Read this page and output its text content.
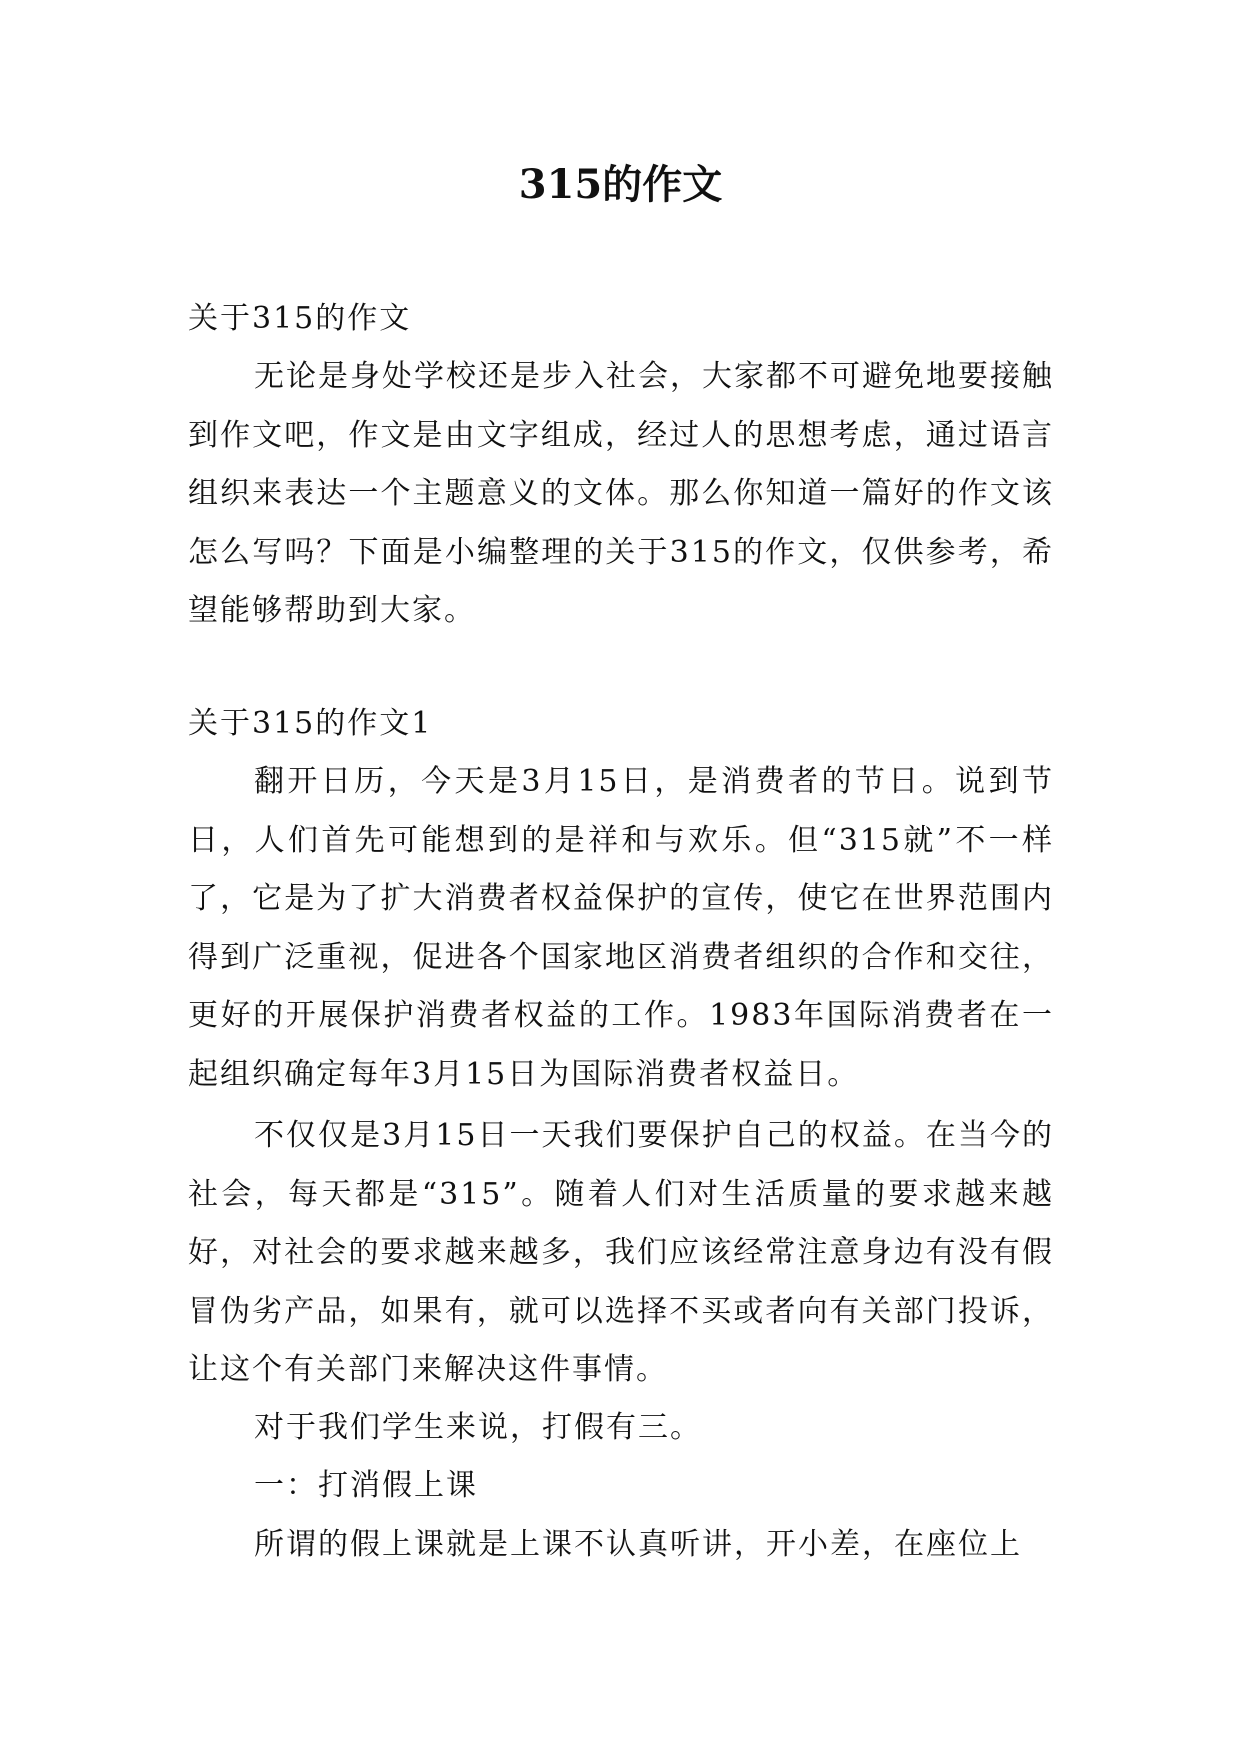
315的作文

关于315的作文

无论是身处学校还是步入社会，大家都不可避免地要接触到作文吧，作文是由文字组成，经过人的思想考虑，通过语言组织来表达一个主题意义的文体。那么你知道一篇好的作文该怎么写吗？下面是小编整理的关于315的作文，仅供参考，希望能够帮助到大家。

关于315的作文1

翻开日历，今天是3月15日，是消费者的节日。说到节日，人们首先可能想到的是祥和与欢乐。但“315就”不一样了，它是为了扩大消费者权益保护的宣传，使它在世界范围内得到广泛重视，促进各个国家地区消费者组织的合作和交往，更好的开展保护消费者权益的工作。1983年国际消费者在一起组织确定每年3月15日为国际消费者权益日。

不仅仅是3月15日一天我们要保护自己的权益。在当今的社会，每天都是“315”。随着人们对生活质量的要求越来越好，对社会的要求越来越多，我们应该经常注意身边有没有假冒伪劣产品，如果有，就可以选择不买或者向有关部门投诉，让这个有关部门来解决这件事情。

对于我们学生来说，打假有三。

一：打消假上课

所谓的假上课就是上课不认真听讲，开小差，在座位上
